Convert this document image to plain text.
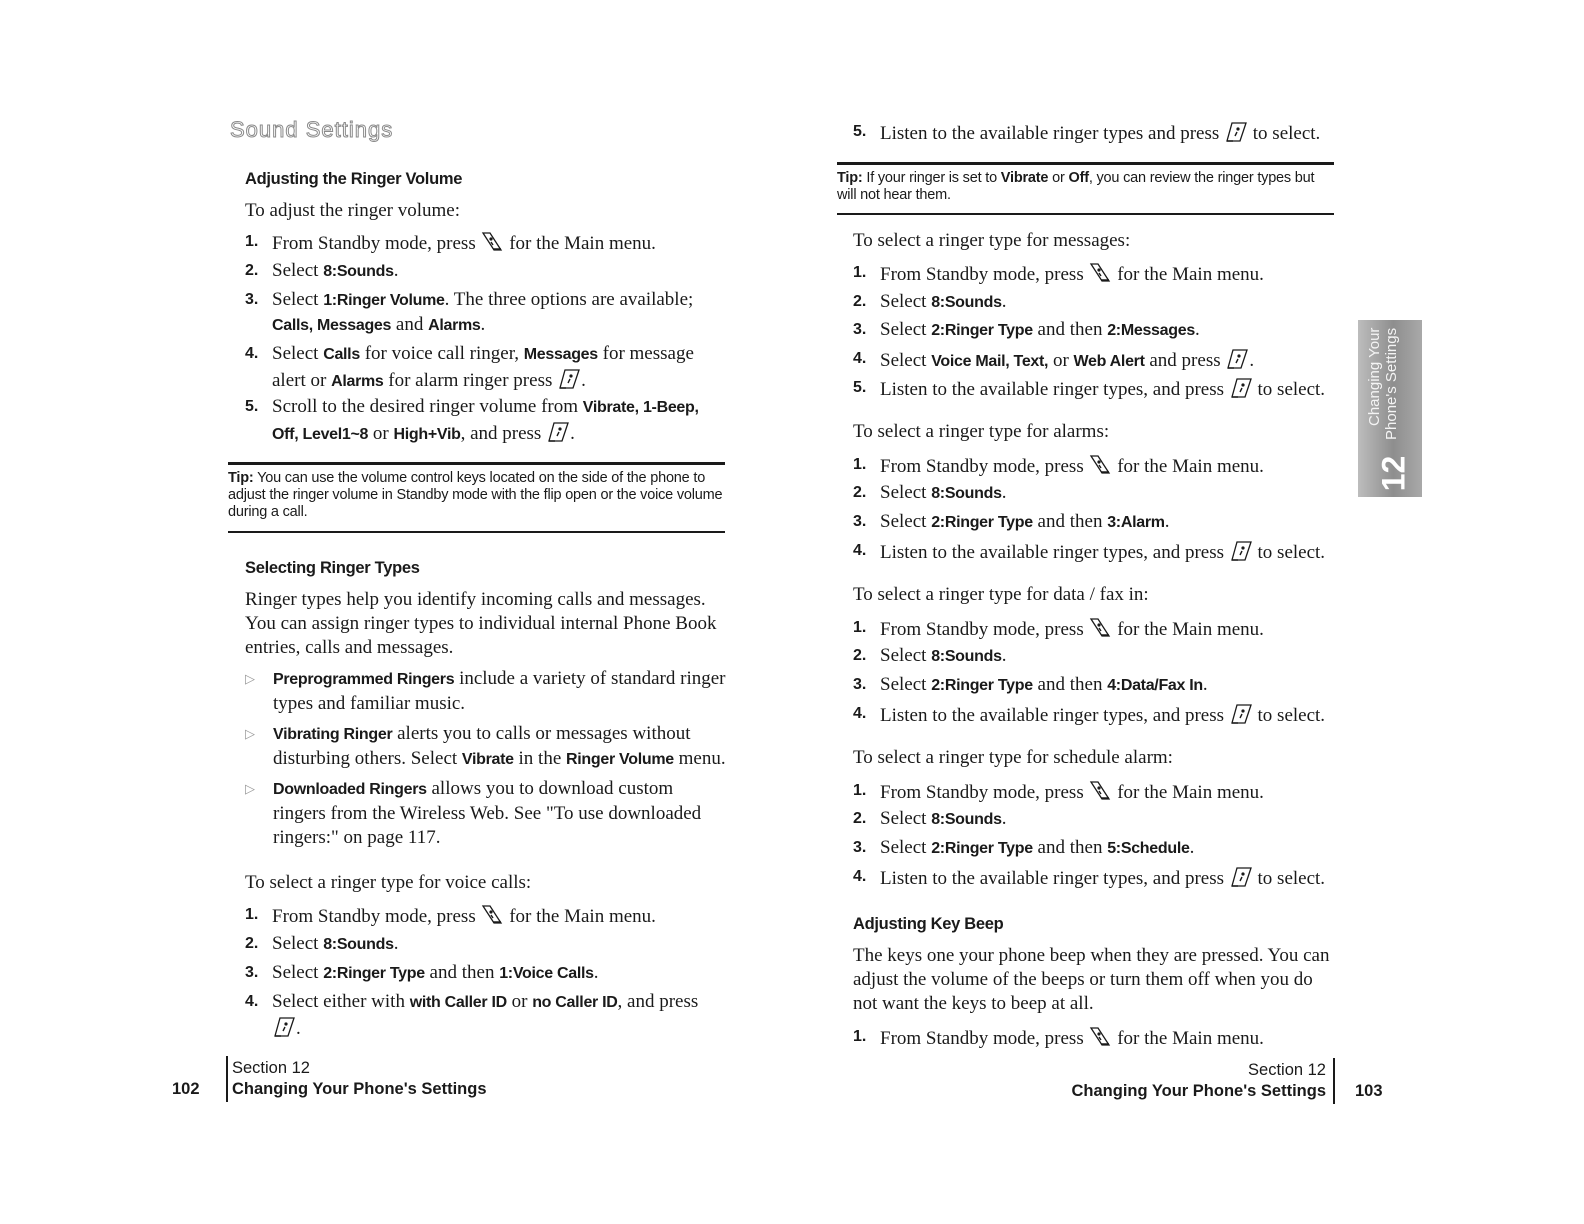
Sound Settings
Adjusting the Ringer Volume

To adjust the ringer volume:

1. From Standby mode, press for the Main menu.
2. Select 8:Sounds.
3. Select 1:Ringer Volume. The three options are available; Calls, Messages and Alarms.
4. Select Calls for voice call ringer, Messages for message alert or Alarms for alarm ringer press .
5. Scroll to the desired ringer volume from Vibrate, 1-Beep, Off, Level1~8 or High+Vib, and press .
Tip: You can use the volume control keys located on the side of the phone to adjust the ringer volume in Standby mode with the flip open or the voice volume during a call.
Selecting Ringer Types

Ringer types help you identify incoming calls and messages. You can assign ringer types to individual internal Phone Book entries, calls and messages.

▷	Preprogrammed Ringers include a variety of standard ringer types and familiar music.
▷	Vibrating Ringer alerts you to calls or messages without disturbing others. Select Vibrate in the Ringer Volume menu.
▷	Downloaded Ringers allows you to download custom ringers from the Wireless Web. See "To use downloaded ringers:" on page 117.

To select a ringer type for voice calls:

1. From Standby mode, press for the Main menu.
2. Select 8:Sounds.
3. Select 2:Ringer Type and then 1:Voice Calls.
4. Select either with with Caller ID or no Caller ID, and press
.
Section 12
Changing Your Phone's Settings
102
5. Listen to the available ringer types and press to select.
Tip: If your ringer is set to Vibrate or Off, you can review the ringer types but will not hear them.

To select a ringer type for messages:

1. From Standby mode, press for the Main menu.
2. Select 8:Sounds.
3. Select 2:Ringer Type and then 2:Messages.
4. Select Voice Mail, Text, or Web Alert and press .
5. Listen to the available ringer types, and press to select.

To select a ringer type for alarms:

1. From Standby mode, press for the Main menu.
2. Select 8:Sounds.
3. Select 2:Ringer Type and then 3:Alarm.
4. Listen to the available ringer types, and press to select.

To select a ringer type for data / fax in:

1. From Standby mode, press for the Main menu.
2. Select 8:Sounds.
3. Select 2:Ringer Type and then 4:Data/Fax In.
4. Listen to the available ringer types, and press to select.

To select a ringer type for schedule alarm:

1. From Standby mode, press for the Main menu.
2. Select 8:Sounds.
3. Select 2:Ringer Type and then 5:Schedule.
4. Listen to the available ringer types, and press to select.
Adjusting Key Beep

The keys one your phone beep when they are pressed. You can adjust the volume of the beeps or turn them off when you do not want the keys to beep at all.

1. From Standby mode, press for the Main menu.
Section 12
Changing Your Phone's Settings 103
Changing Your Phone's Settings
12
